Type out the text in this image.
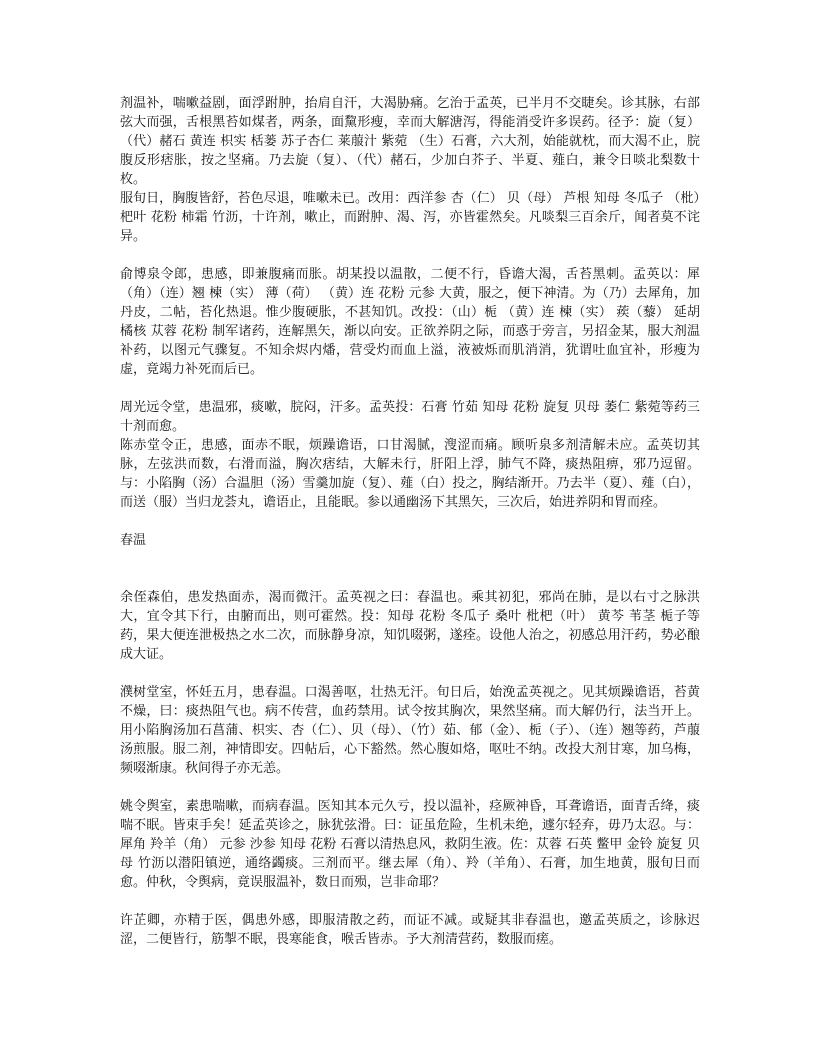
剂温补，喘嗽益剧，面浮跗肿，抬肩自汗，大渴胁痛。乞治于孟英，已半月不交睫矣。诊其脉，右部弦大而强，舌根黑苔如煤者，两条，面黧形瘦，幸而大解溏泻，得能消受许多误药。径予：旋（复）（代）赭石 黄连 枳实 栝蒌 苏子杏仁 莱菔汁 紫菀 （生）石膏，六大剂，始能就枕，而大渴不止，脘腹反形痞胀，按之坚痛。乃去旋（复）、（代）赭石，少加白芥子、半夏、薤白，兼令日啖北梨数十枚。

服旬日，胸腹皆舒，苔色尽退，唯嗽未已。改用：西洋参 杏（仁） 贝（母） 芦根 知母 冬瓜子 （枇）杷叶 花粉 柿霜 竹沥，十许剂，嗽止，而跗肿、渴、泻，亦皆霍然矣。凡啖梨三百余斤，闻者莫不诧异。

俞博泉令郎，患感，即兼腹痛而胀。胡某投以温散，二便不行，昏谵大渴，舌苔黑刺。孟英以：犀（角）（连）翘 楝（实） 薄（荷） （黄）连 花粉 元参 大黄，服之，便下神清。为（乃）去犀角，加丹皮，二帖，苔化热退。惟少腹硬胀，不甚知饥。改投：（山）栀 （黄）连 楝（实） 蒺（藜） 延胡橘核 苁蓉 花粉 制军诸药，连解黑矢，渐以向安。正欲养阴之际，而惑于旁言，另招金某，服大剂温补药，以图元气骤复。不知余烬内燔，营受灼而血上溢，液被烁而肌消消，犹谓吐血宜补，形瘦为虚，竟竭力补死而后已。

周光远令堂，患温邪，痰嗽，脘闷，汗多。孟英投：石膏 竹茹 知母 花粉 旋复 贝母 萎仁 紫菀等药三十剂而愈。

陈赤堂令正，患感，面赤不眠，烦躁谵语，口甘渴腻，溲涩而痛。顾听泉多剂清解未应。孟英切其脉，左弦洪而数，右滑而溢，胸次痞结，大解未行，肝阳上浮，肺气不降，痰热阻痹，邪乃逗留。与：小陷胸（汤）合温胆（汤）雪羹加旋（复）、薤（白）投之，胸结渐开。乃去半（夏）、薤（白），而送（服）当归龙荟丸，谵语止，且能眠。参以通幽汤下其黑矢，三次后，始进养阴和胃而痊。

春温

余侄森伯，患发热面赤，渴而微汗。孟英视之曰：春温也。乘其初犯，邪尚在肺，是以右寸之脉洪大，宜令其下行，由腑而出，则可霍然。投：知母 花粉 冬瓜子 桑叶 枇杷（叶） 黄芩 苇茎 栀子等药，果大便连泄极热之水二次，而脉静身凉，知饥啜粥，遂痊。设他人治之，初感总用汗药，势必酿成大证。

濮树堂室，怀妊五月，患春温。口渴善呕，壮热无汗。旬日后，始浼孟英视之。见其烦躁谵语，苔黄不燥，曰：痰热阻气也。病不传营，血药禁用。试令按其胸次，果然坚痛。而大解仍行，法当开上。用小陷胸汤加石菖蒲、枳实、杏（仁）、贝（母）、（竹）茹、郁（金）、栀（子）、（连）翘等药，芦菔汤煎服。服二剂，神情即安。四帖后，心下豁然。然心腹如烙，呕吐不纳。改投大剂甘寒，加乌梅，频啜渐康。秋间得子亦无恙。

姚令舆室，素患喘嗽，而病春温。医知其本元久亏，投以温补，痉厥神昏，耳聋谵语，面青舌绛，痰喘不眠。皆束手矣！延孟英诊之，脉犹弦滑。曰：证虽危险，生机未绝，遽尔轻弃，毋乃太忍。与：犀角 羚羊（角） 元参 沙参 知母 花粉 石膏以清热息风，救阴生液。佐：苁蓉 石英 鳖甲 金铃 旋复 贝母 竹沥以潜阳镇逆，通络蠲痰。三剂而平。继去犀（角）、羚（羊角）、石膏，加生地黄，服旬日而愈。仲秋，令舆病，竟误服温补，数日而殒，岂非命耶？

许芷卿，亦精于医，偶患外感，即服清散之药，而证不减。或疑其非春温也，邀孟英质之，诊脉迟涩，二便皆行，筋掣不眠，畏寒能食，喉舌皆赤。予大剂清营药，数服而瘥。
